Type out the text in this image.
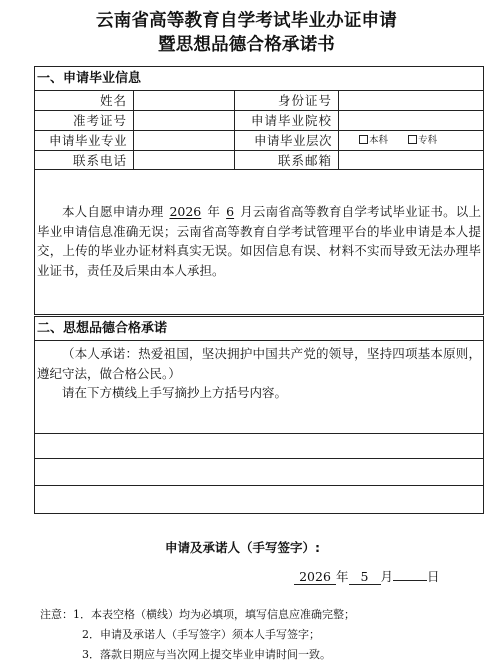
云南省高等教育自学考试毕业办证申请
暨思想品德合格承诺书
一、申请毕业信息
姓名	身份证号
准考证号	申请毕业院校
申请毕业专业	申请毕业层次	本科	专科
联系电话	联系邮箱
本人自愿申请办理 2026 年 6 月云南省高等教育自学考试毕业证书。以上毕业申请信息准确无误；云南省高等教育自学考试管理平台的毕业申请是本人提交，上传的毕业办证材料真实无误。如因信息有误、材料不实而导致无法办理毕业证书，责任及后果由本人承担。
二、思想品德合格承诺
（本人承诺：热爱祖国，坚决拥护中国共产党的领导，坚持四项基本原则，遵纪守法，做合格公民。）
请在下方横线上手写摘抄上方括号内容。
申请及承诺人（手写签字）:
2026 年 5 月	日
注意：1．本表空格（横线）均为必填项，填写信息应准确完整；
2．申请及承诺人（手写签字）须本人手写签字；
3．落款日期应与当次网上提交毕业申请时间一致。
